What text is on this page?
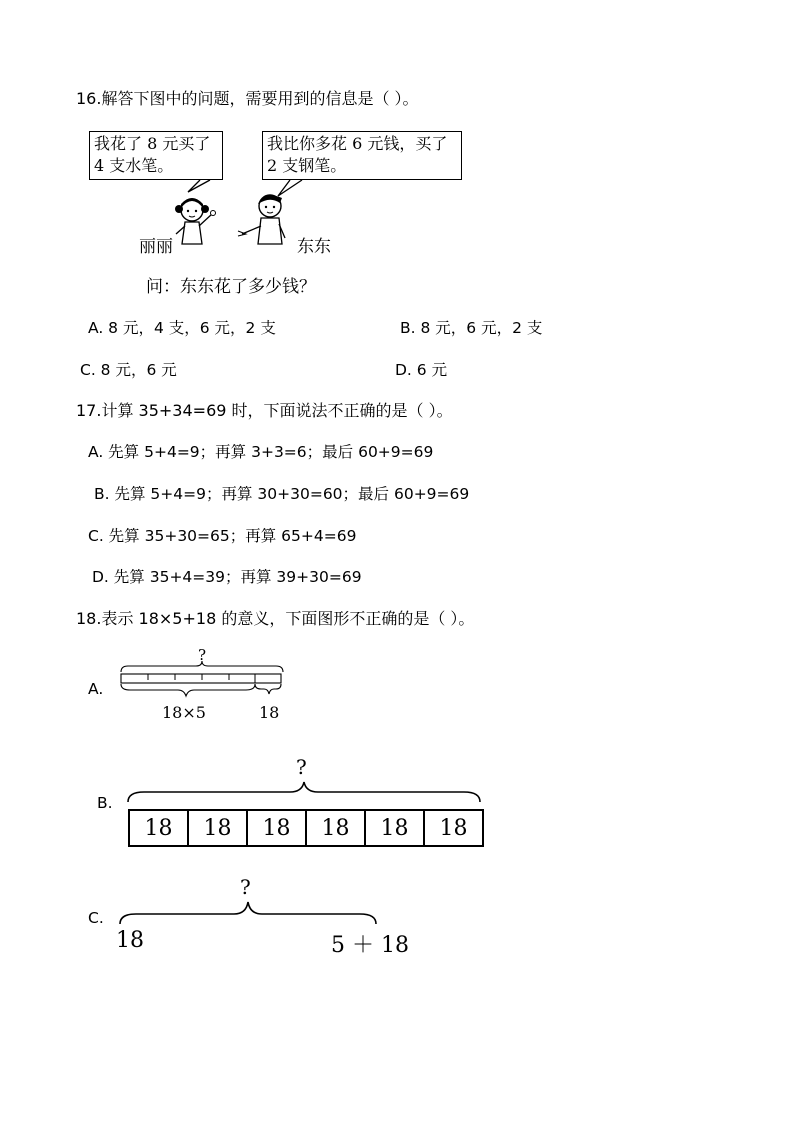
16.解答下图中的问题，需要用到的信息是（ ）。
我花了 8 元买了 4 支水笔。
我比你多花 6 元钱，买了 2 支钢笔。
丽丽	东东
问：东东花了多少钱？
A. 8 元，4 支，6 元，2 支	B. 8 元，6 元，2 支
C. 8 元，6 元	D. 6 元
17.计算 35+34=69 时，下面说法不正确的是（ ）。
A. 先算 5+4=9；再算 3+3=6；最后 60+9=69
B. 先算 5+4=9；再算 30+30=60；最后 60+9=69
C. 先算 35+30=65；再算 65+4=69
D. 先算 35+4=39；再算 39+30=69
18.表示 18×5+18 的意义，下面图形不正确的是（ ）。
A.
?
18×5	18
B.
?
18	18	18	18	18	18
C.
?
18	5 ＋ 18
